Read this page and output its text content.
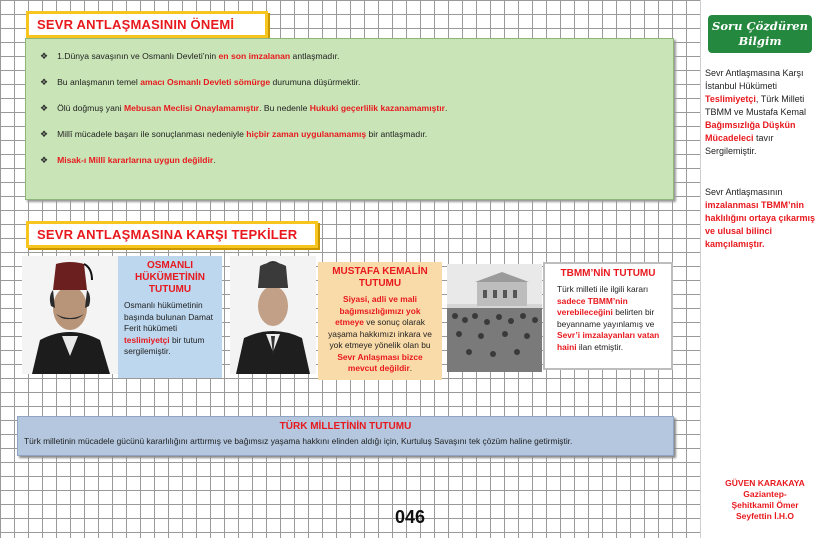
SEVR ANTLAŞMASININ ÖNEMİ
❖ 1.Dünya savaşının ve Osmanlı Devleti’nin en son imzalanan antlaşmadır.
❖ Bu anlaşmanın temel amacı Osmanlı Devleti sömürge durumuna düşürmektir.
❖ Ölü doğmuş yani Mebusan Meclisi Onaylamamıştır. Bu nedenle Hukuki geçerlilik kazanamamıştır.
❖ Millî mücadele başarı ile sonuçlanması nedeniyle hiçbir zaman uygulanamamış bir antlaşmadır.
❖ Misak-ı Millî kararlarına uygun değildir.
SEVR ANTLAŞMASINA KARŞI TEPKİLER
OSMANLI HÜKÜMETİNİN TUTUMU

Osmanlı hükümetinin başında bulunan Damat Ferit hükümeti teslimiyetçi bir tutum sergilemiştir.

MUSTAFA KEMALİN TUTUMU

Siyasi, adli ve mali bağımsızlığımızı yok etmeye ve sonuç olarak yaşama hakkımızı inkara ve yok etmeye yönelik olan bu Sevr Anlaşması bizce mevcut değildir.

TBMM’NİN TUTUMU

Türk milleti ile ilgili kararı sadece TBMM’nin verebileceğini belirten bir beyanname yayınlamış ve Sevr’i imzalayanları vatan haini ilan etmiştir.

TÜRK MİLLETİNİN TUTUMU

Türk milletinin mücadele gücünü kararlılığını arttırmış ve bağımsız yaşama hakkını elinden aldığı için, Kurtuluş Savaşını tek çözüm haline getirmiştir.

046
Soru Çözdüren
Bilgim
Sevr Antlaşmasına Karşı İstanbul Hükümeti Teslimiyetçi, Türk Milleti TBMM ve Mustafa Kemal Bağımsızlığa Düşkün Mücadeleci tavır Sergilemiştir.
Sevr Antlaşmasının imzalanması TBMM’nin haklılığını ortaya çıkarmış ve ulusal bilinci kamçılamıştır.
GÜVEN KARAKAYA
Gaziantep-
Şehitkamil Ömer
Seyfettin İ.H.O
